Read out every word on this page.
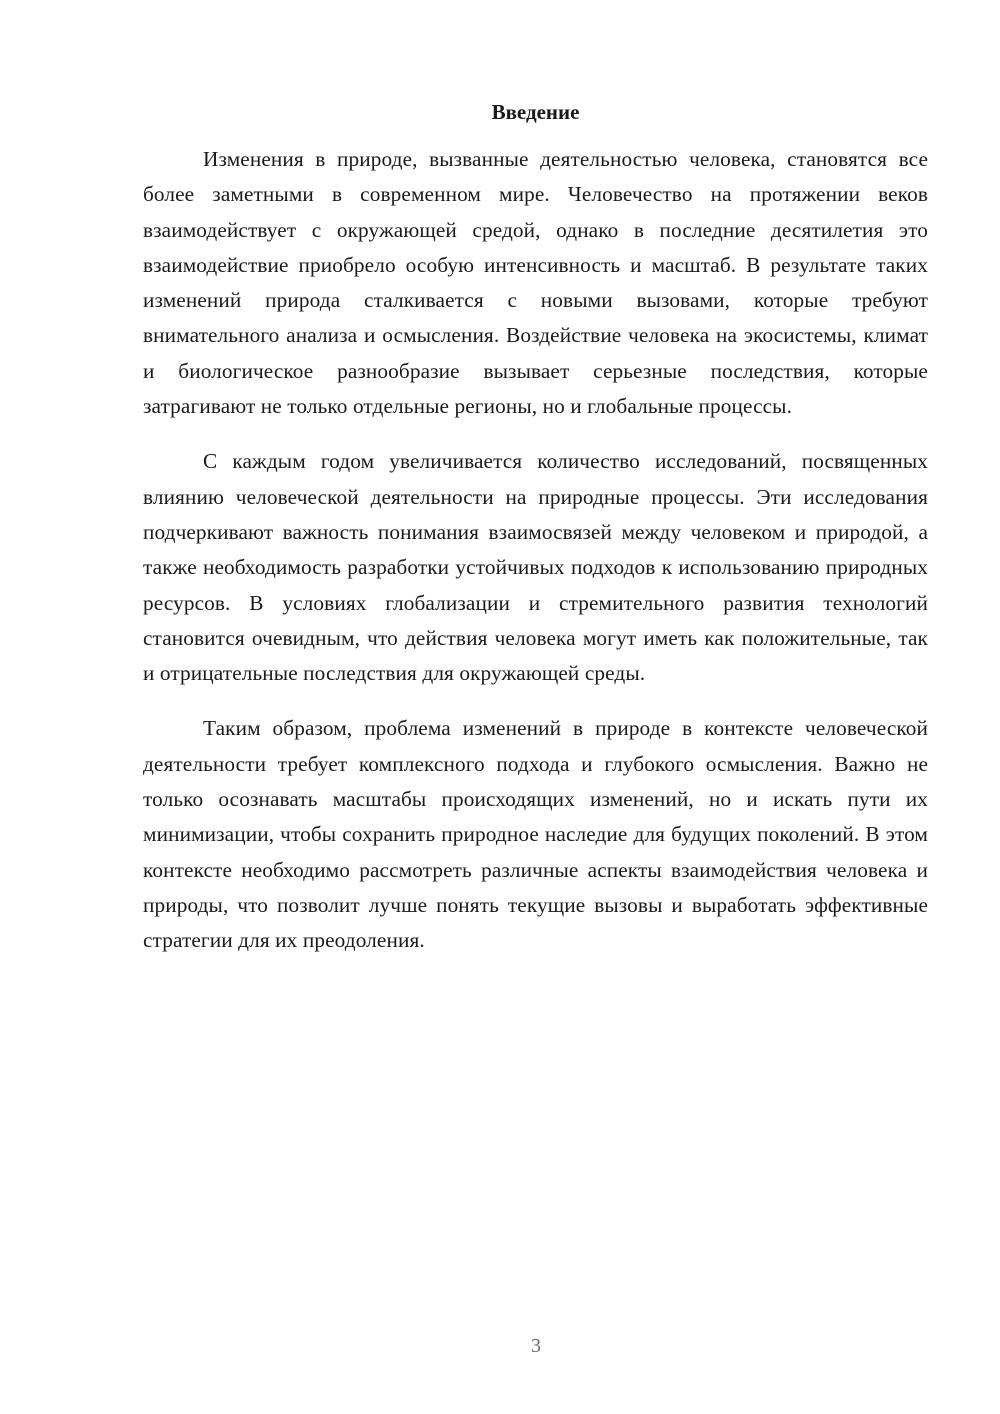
Введение

Изменения в природе, вызванные деятельностью человека, становятся все более заметными в современном мире. Человечество на протяжении веков взаимодействует с окружающей средой, однако в последние десятилетия это взаимодействие приобрело особую интенсивность и масштаб. В результате таких изменений природа сталкивается с новыми вызовами, которые требуют внимательного анализа и осмысления. Воздействие человека на экосистемы, климат и биологическое разнообразие вызывает серьезные последствия, которые затрагивают не только отдельные регионы, но и глобальные процессы.

С каждым годом увеличивается количество исследований, посвященных влиянию человеческой деятельности на природные процессы. Эти исследования подчеркивают важность понимания взаимосвязей между человеком и природой, а также необходимость разработки устойчивых подходов к использованию природных ресурсов. В условиях глобализации и стремительного развития технологий становится очевидным, что действия человека могут иметь как положительные, так и отрицательные последствия для окружающей среды.

Таким образом, проблема изменений в природе в контексте человеческой деятельности требует комплексного подхода и глубокого осмысления. Важно не только осознавать масштабы происходящих изменений, но и искать пути их минимизации, чтобы сохранить природное наследие для будущих поколений. В этом контексте необходимо рассмотреть различные аспекты взаимодействия человека и природы, что позволит лучше понять текущие вызовы и выработать эффективные стратегии для их преодоления.

3
